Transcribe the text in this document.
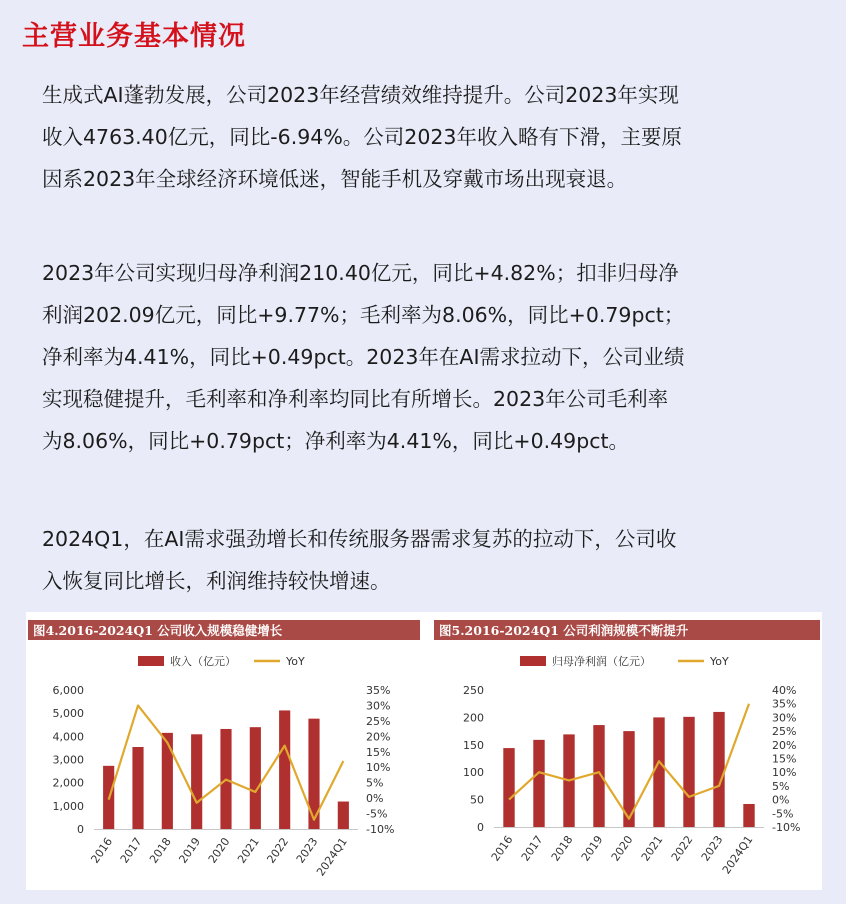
主营业务基本情况

生成式AI蓬勃发展，公司2023年经营绩效维持提升。公司2023年实现
收入4763.40亿元，同比-6.94%。公司2023年收入略有下滑，主要原
因系2023年全球经济环境低迷，智能手机及穿戴市场出现衰退。

2023年公司实现归母净利润210.40亿元，同比+4.82%；扣非归母净
利润202.09亿元，同比+9.77%；毛利率为8.06%，同比+0.79pct；
净利率为4.41%，同比+0.49pct。2023年在AI需求拉动下，公司业绩
实现稳健提升，毛利率和净利率均同比有所增长。2023年公司毛利率
为8.06%，同比+0.79pct；净利率为4.41%，同比+0.49pct。

2024Q1，在AI需求强劲增长和传统服务器需求复苏的拉动下，公司收
入恢复同比增长，利润维持较快增速。

图4.2016-2024Q1 公司收入规模稳健增长
收入（亿元）	YoY
0
1,000
2,000
3,000
4,000
5,000
6,000
-10%
-5%
0%
5%
10%
15%
20%
25%
30%
35%
2016 2017 2018 2019 2020 2021 2022 2023
2024Q1
图5.2016-2024Q1 公司利润规模不断提升
归母净利润（亿元）	YoY
0
50
100
150
200
250
-10%
-5%
0%
5%
10%
15%
20%
25%
30%
35%
40%
2016 2017 2018 2019 2020 2021 2022 2023
2024Q1
